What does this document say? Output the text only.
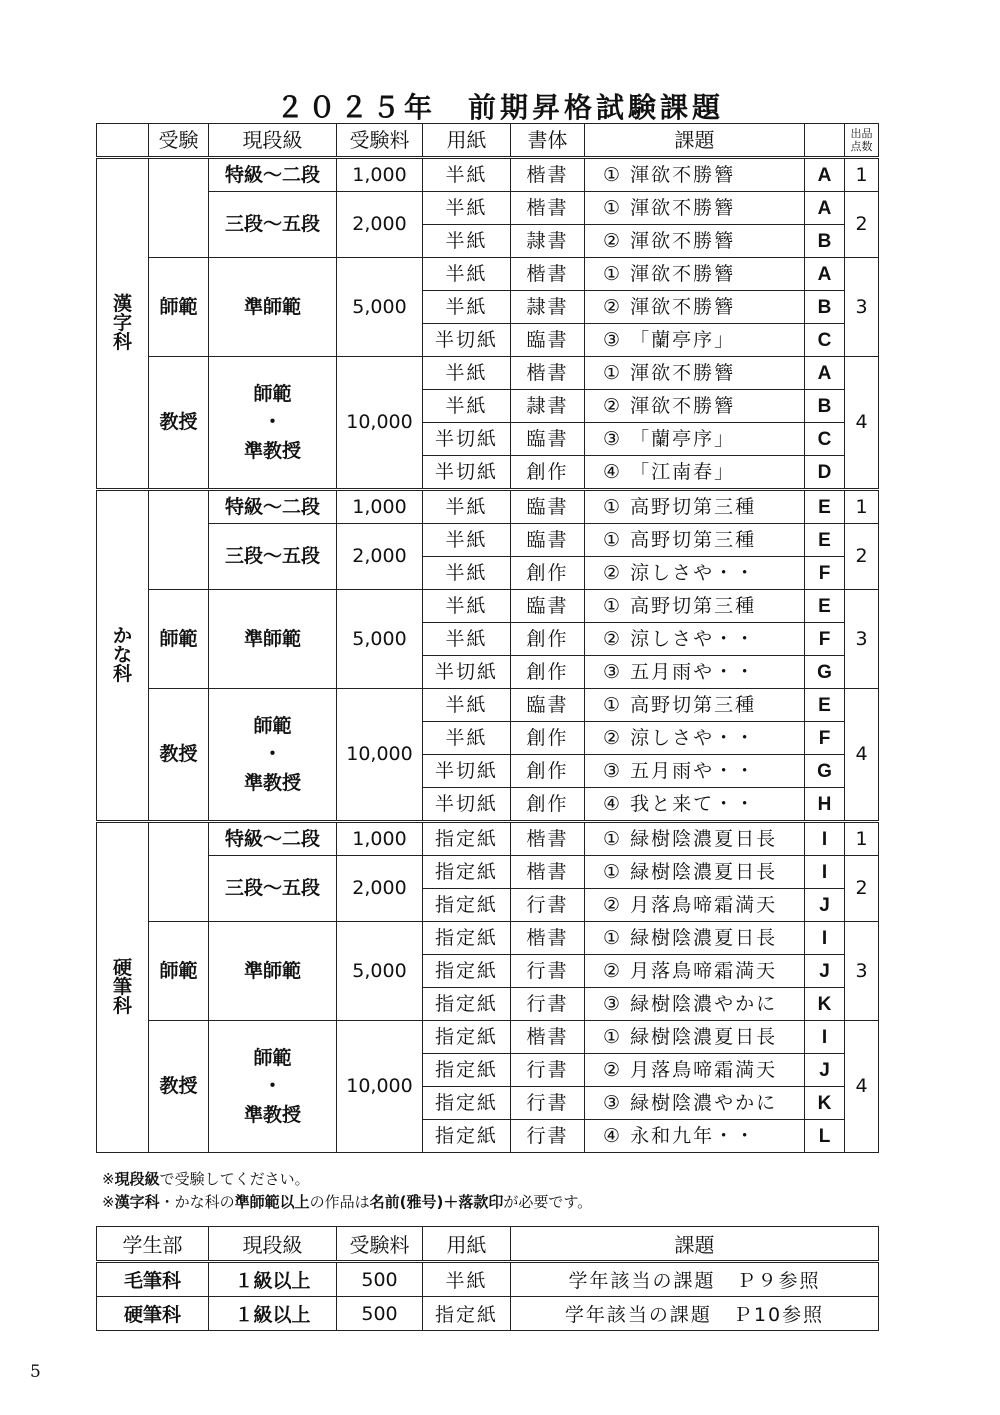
２０２５年　前期昇格試験課題
	受験	現段級	受験料	用紙	書体	課題		出品
点数

漢
字
科		特級～二段	1,000	半紙	楷書	① 渾欲不勝簪	A	1

		三段～五段	2,000	半紙	楷書	① 渾欲不勝簪	A	2
				半紙	隷書	② 渾欲不勝簪	B	
	師範	準師範	5,000	半紙	楷書	① 渾欲不勝簪	A	3
				半紙	隷書	② 渾欲不勝簪	B	
				半切紙	臨書	③ 「蘭亭序」	C	
	教授	師範
・
準教授	10,000	半紙	楷書	① 渾欲不勝簪	A	4
				半紙	隷書	② 渾欲不勝簪	B	
				半切紙	臨書	③ 「蘭亭序」	C	
				半切紙	創作	④ 「江南春」	D	

か
な
科		特級～二段	1,000	半紙	臨書	① 高野切第三種	E	1

		三段～五段	2,000	半紙	臨書	① 高野切第三種	E	2
				半紙	創作	② 涼しさや・・	F	
	師範	準師範	5,000	半紙	臨書	① 高野切第三種	E	3
				半紙	創作	② 涼しさや・・	F	
				半切紙	創作	③ 五月雨や・・	G	
	教授	師範
・
準教授	10,000	半紙	臨書	① 高野切第三種	E	4
				半紙	創作	② 涼しさや・・	F	
				半切紙	創作	③ 五月雨や・・	G	
				半切紙	創作	④ 我と来て・・	H	

硬
筆
科		特級～二段	1,000	指定紙	楷書	① 緑樹陰濃夏日長	I	1

		三段～五段	2,000	指定紙	楷書	① 緑樹陰濃夏日長	I	2
				指定紙	行書	② 月落鳥啼霜満天	J	
	師範	準師範	5,000	指定紙	楷書	① 緑樹陰濃夏日長	I	3
				指定紙	行書	② 月落鳥啼霜満天	J	
				指定紙	行書	③ 緑樹陰濃やかに	K	
	教授	師範
・
準教授	10,000	指定紙	楷書	① 緑樹陰濃夏日長	I	4
				指定紙	行書	② 月落鳥啼霜満天	J	
				指定紙	行書	③ 緑樹陰濃やかに	K	
				指定紙	行書	④ 永和九年・・	L	
※現段級で受験してください。
※漢字科・かな科の準師範以上の作品は名前(雅号)＋落款印が必要です。
学生部	現段級	受験料	用紙	課題
毛筆科	１級以上	500	半紙	学年該当の課題　Ｐ９参照
硬筆科	１級以上	500	指定紙	学年該当の課題　Ｐ10参照
5
